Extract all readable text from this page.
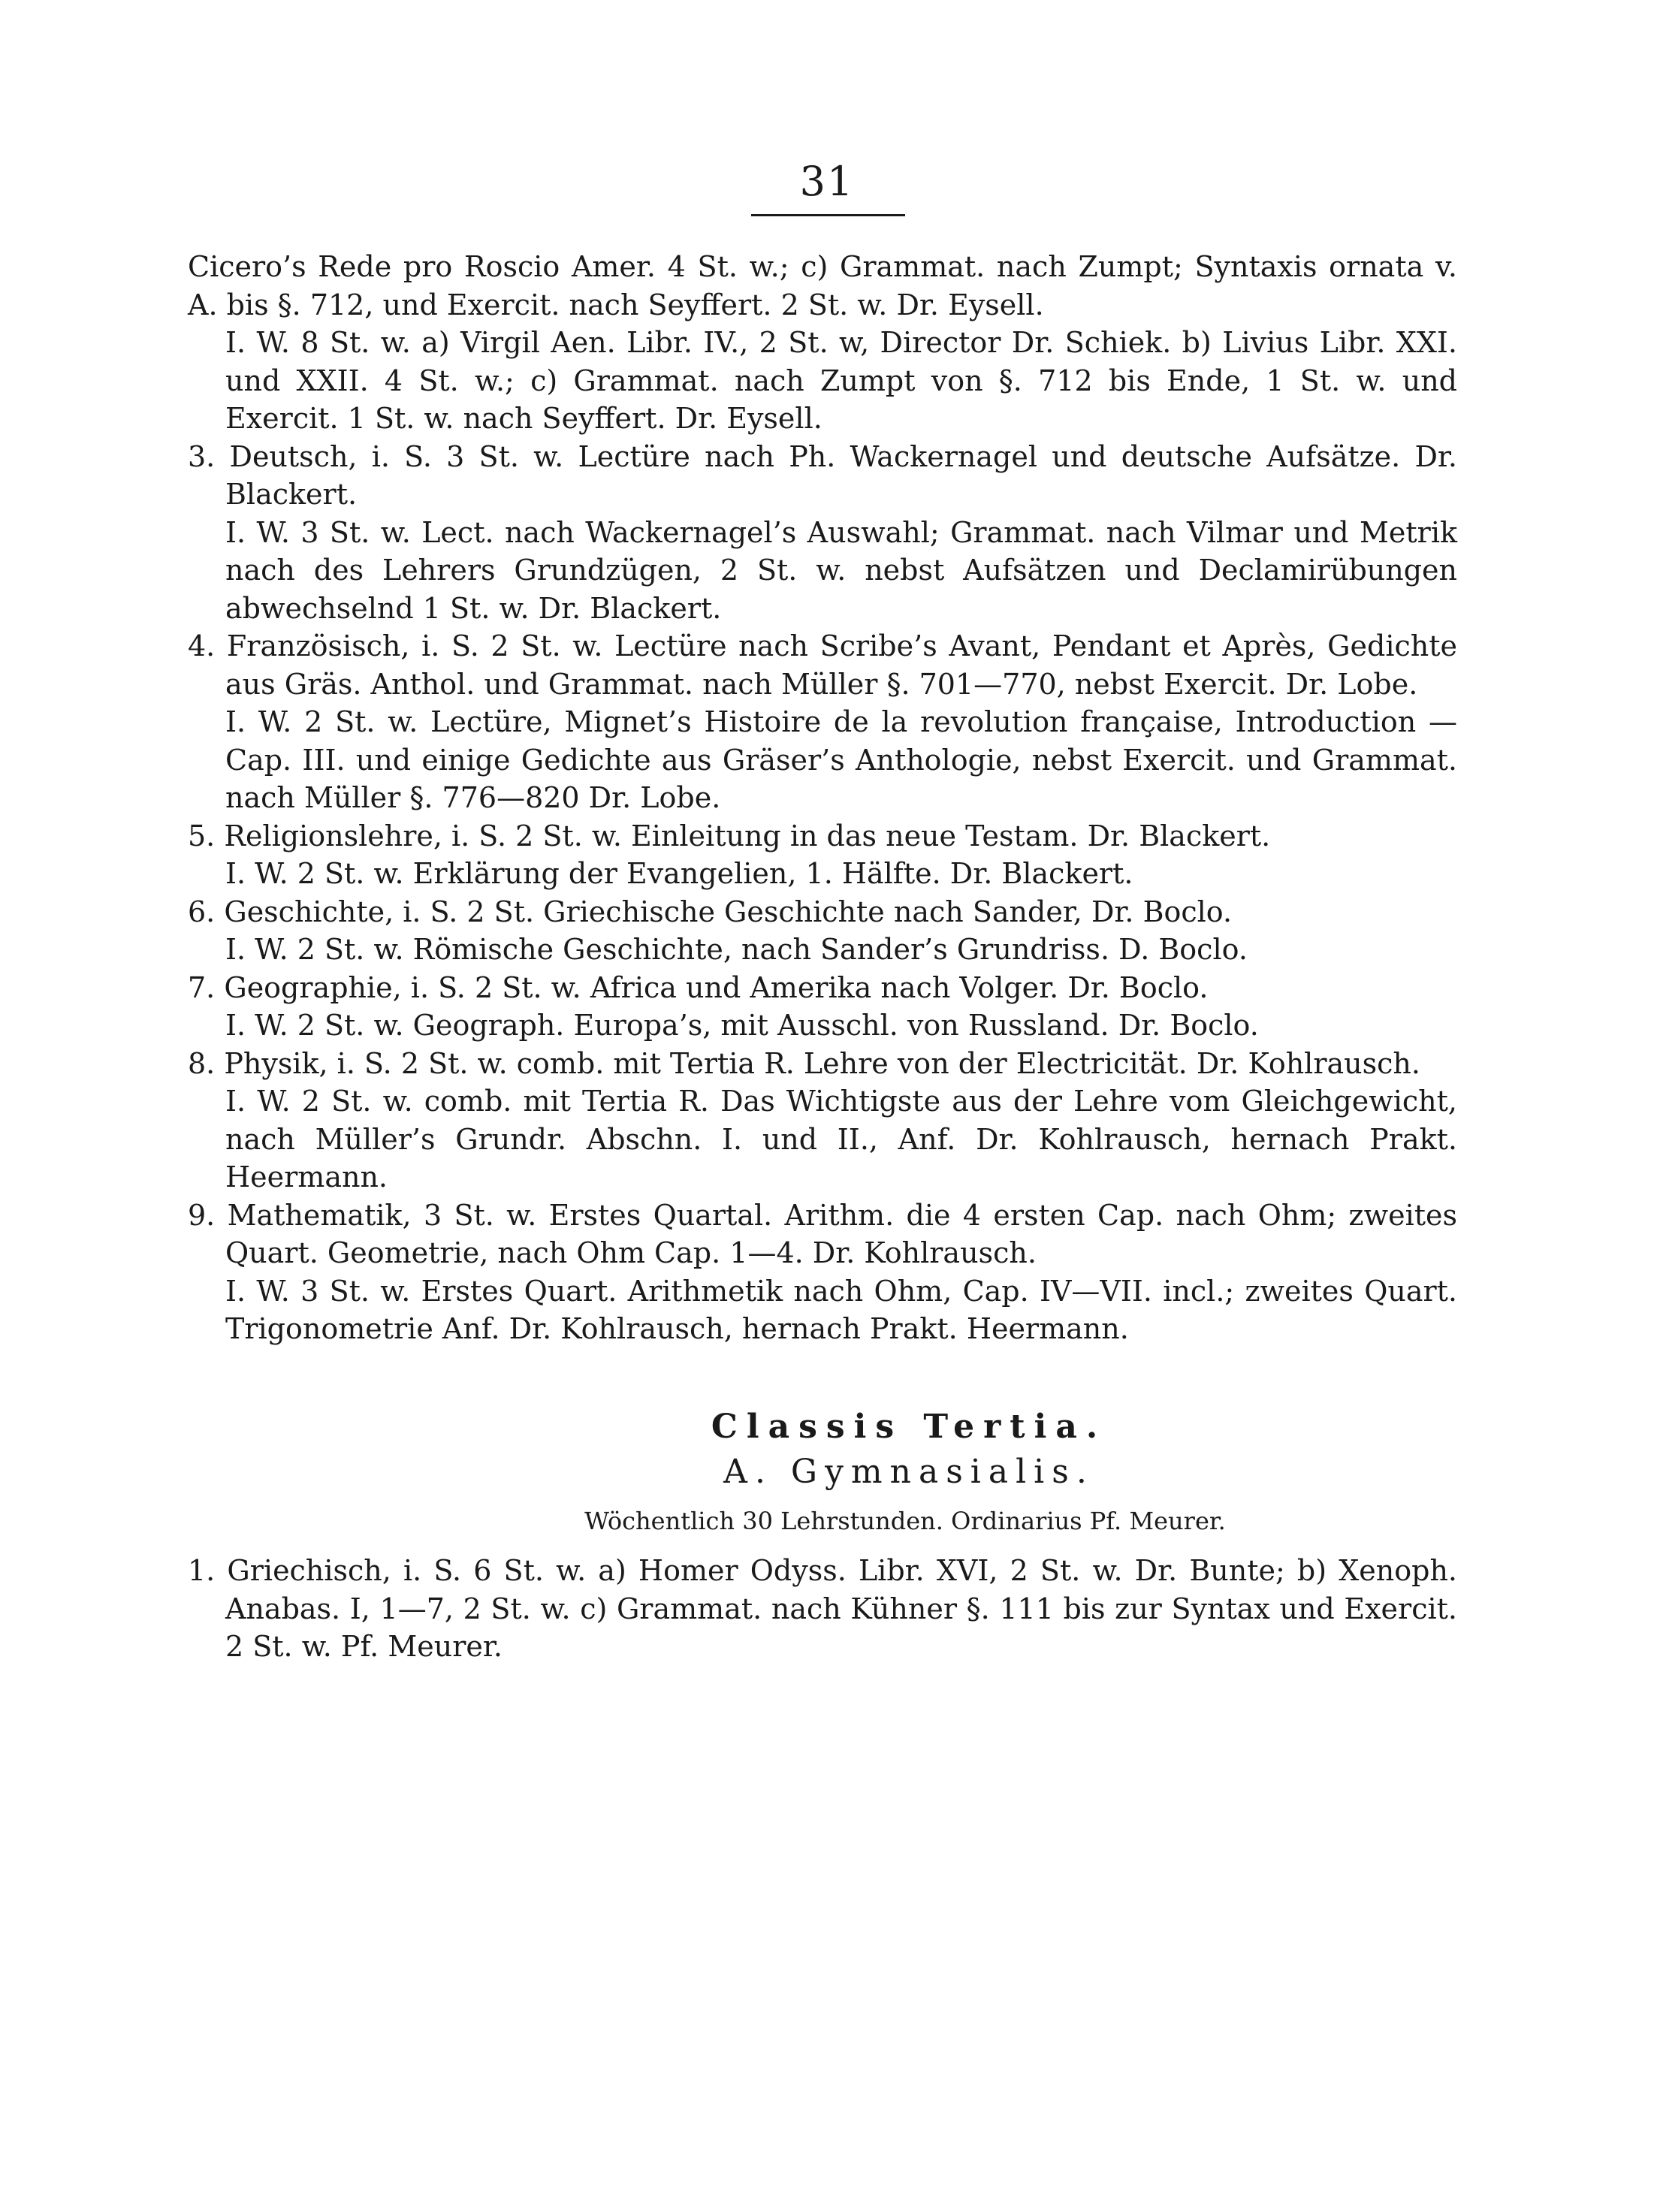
31

Cicero’s Rede pro Roscio Amer. 4 St. w.; c) Grammat. nach Zumpt; Syntaxis ornata v. A. bis §. 712, und Exercit. nach Seyffert. 2 St. w. Dr. Eysell.

I. W. 8 St. w. a) Virgil Aen. Libr. IV., 2 St. w, Director Dr. Schiek. b) Livius Libr. XXI. und XXII. 4 St. w.; c) Grammat. nach Zumpt von §. 712 bis Ende, 1 St. w. und Exercit. 1 St. w. nach Seyffert. Dr. Eysell.

3. Deutsch, i. S. 3 St. w. Lectüre nach Ph. Wackernagel und deutsche Aufsätze. Dr. Blackert.

I. W. 3 St. w. Lect. nach Wackernagel’s Auswahl; Grammat. nach Vilmar und Metrik nach des Lehrers Grundzügen, 2 St. w. nebst Aufsätzen und Declamirübungen abwechselnd 1 St. w. Dr. Blackert.

4. Französisch, i. S. 2 St. w. Lectüre nach Scribe’s Avant, Pendant et Après, Gedichte aus Gräs. Anthol. und Grammat. nach Müller §. 701—770, nebst Exercit. Dr. Lobe.

I. W. 2 St. w. Lectüre, Mignet’s Histoire de la revolution française, Introduction — Cap. III. und einige Gedichte aus Gräser’s Anthologie, nebst Exercit. und Grammat. nach Müller §. 776—820 Dr. Lobe.

5. Religionslehre, i. S. 2 St. w. Einleitung in das neue Testam. Dr. Blackert.

I. W. 2 St. w. Erklärung der Evangelien, 1. Hälfte. Dr. Blackert.

6. Geschichte, i. S. 2 St. Griechische Geschichte nach Sander, Dr. Boclo.

I. W. 2 St. w. Römische Geschichte, nach Sander’s Grundriss. D. Boclo.

7. Geographie, i. S. 2 St. w. Africa und Amerika nach Volger. Dr. Boclo.

I. W. 2 St. w. Geograph. Europa’s, mit Ausschl. von Russland. Dr. Boclo.

8. Physik, i. S. 2 St. w. comb. mit Tertia R. Lehre von der Electricität. Dr. Kohlrausch.

I. W. 2 St. w. comb. mit Tertia R. Das Wichtigste aus der Lehre vom Gleichgewicht, nach Müller’s Grundr. Abschn. I. und II., Anf. Dr. Kohlrausch, hernach Prakt. Heermann.

9. Mathematik, 3 St. w. Erstes Quartal. Arithm. die 4 ersten Cap. nach Ohm; zweites Quart. Geometrie, nach Ohm Cap. 1—4. Dr. Kohlrausch.

I. W. 3 St. w. Erstes Quart. Arithmetik nach Ohm, Cap. IV—VII. incl.; zweites Quart. Trigonometrie Anf. Dr. Kohlrausch, hernach Prakt. Heermann.

Classis Tertia.
A. Gymnasialis.
Wöchentlich 30 Lehrstunden. Ordinarius Pf. Meurer.

1. Griechisch, i. S. 6 St. w. a) Homer Odyss. Libr. XVI, 2 St. w. Dr. Bunte; b) Xenoph. Anabas. I, 1—7, 2 St. w. c) Grammat. nach Kühner §. 111 bis zur Syntax und Exercit. 2 St. w. Pf. Meurer.
